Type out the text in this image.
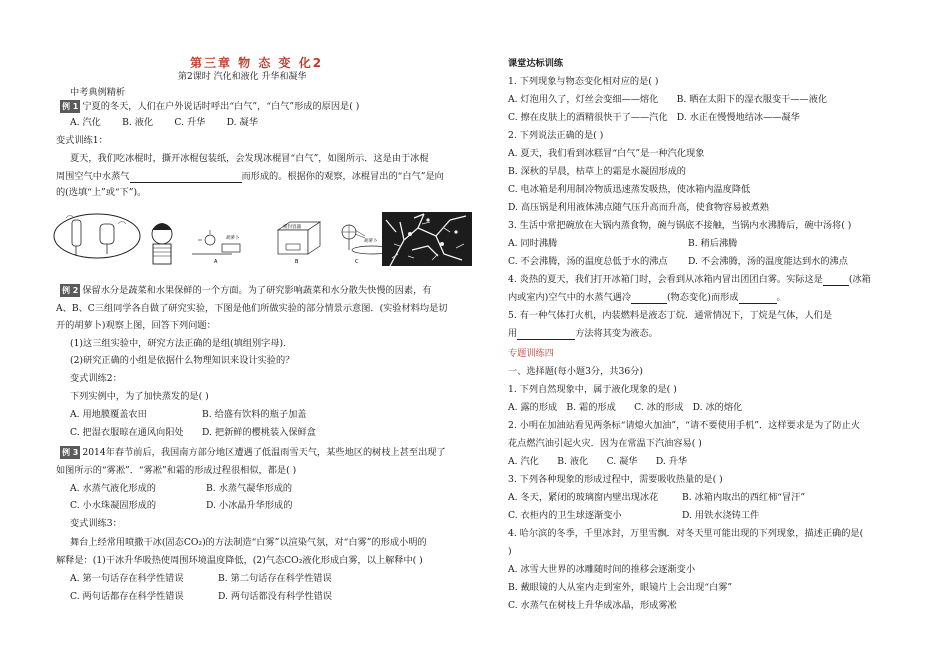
第三章 物 态 变 化2
第2课时 汽化和液化 升华和凝华
中考典例精析
例 1 宁夏的冬天，人们在户外说话时呼出“白气”，“白气”形成的原因是( )
A. 汽化　　 B. 液化　　 C. 升华　　 D. 凝华
变式训练1：
夏天，我们吃冰棍时，撕开冰棍包装纸，会发现冰棍冒“白气”，如图所示．这是由于冰棍
周围空气中水蒸气	而形成的。根据你的观察，冰棍冒出的“白气”是向
的(选填“上”或“下”)。
胡萝卜
A
密封容器
B
胡萝卜
C
例 2 保留水分是蔬菜和水果保鲜的一个方面。为了研究影响蔬菜和水分散失快慢的因素，有
A、B、C三组同学各自做了研究实验，下图是他们所做实验的部分情景示意图．(实验材料均是切
开的胡萝卜)观察上图，回答下列问题：
(1)这三组实验中，研究方法正确的是组(填组别字母).
(2)研究正确的小组是依据什么物理知识来设计实验的？
变式训练2：
下列实例中，为了加快蒸发的是( )
A. 用地膜覆盖农田	B. 给盛有饮料的瓶子加盖
C. 把湿衣服晾在通风向阳处 D. 把新鲜的樱桃装入保鲜盒
例 3 2014年春节前后，我国南方部分地区遭遇了低温雨雪天气，某些地区的树枝上甚至出现了
如图所示的“雾凇”．“雾凇”和霜的形成过程很相似，都是( )
A. 水蒸气液化形成的	B. 水蒸气凝华形成的
C. 小水珠凝固形成的	D. 小冰晶升华形成的
变式训练3：
舞台上经常用喷撒干冰(固态CO₂)的方法制造“白雾”以渲染气氛，对“白雾”的形成小明的
解释是：(1)干冰升华吸热使周围环境温度降低，(2)气态CO₂液化形成白雾，以上解释中( )
A. 第一句话存在科学性错误	B. 第二句话存在科学性错误
C. 两句话都存在科学性错误	D. 两句话都没有科学性错误
课堂达标训练
1. 下列现象与物态变化相对应的是( )
A. 灯泡用久了，灯丝会变细——熔化　　B. 晒在太阳下的湿衣服变干——液化
C. 擦在皮肤上的酒精很快干了——汽化　D. 水正在慢慢地结冰——凝华
2. 下列说法正确的是( )
A. 夏天，我们看到冰糕冒“白气”是一种汽化现象
B. 深秋的早晨，枯草上的霜是水凝固形成的
C. 电冰箱是利用制冷物质迅速蒸发吸热，使冰箱内温度降低
D. 高压锅是利用液体沸点随气压升高而升高，使食物容易被煮熟
3. 生活中常把碗放在大锅内蒸食物，碗与锅底不接触，当锅内水沸腾后，碗中汤将( )
A. 同时沸腾	B. 稍后沸腾
C. 不会沸腾，汤的温度总低于水的沸点 D. 不会沸腾，汤的温度能达到水的沸点
4. 炎热的夏天，我们打开冰箱门时，会看到从冰箱内冒出团团白雾。实际这是	(冰箱
内或室内)空气中的水蒸气遇冷	(物态变化)而形成	。
5. 有一种气体打火机，内装燃料是液态丁烷．通常情况下，丁烷是气体，人们是
用	方法将其变为液态。
专题训练四
一、选择题(每小题3分，共36分)
1. 下列自然现象中，属于液化现象的是( )
A. 露的形成　B. 霜的形成　　C. 冰的形成　D. 冰的熔化
2. 小明在加油站看见两条标“请熄火加油”，“请不要使用手机”．这样要求是为了防止火
花点燃汽油引起火灾．因为在常温下汽油容易( )
A. 汽化　　B. 液化　　C. 凝华　　D. 升华
3. 下列各种现象的形成过程中，需要吸收热量的是( )
A. 冬天，紧闭的玻璃窗内壁出现冰花	B. 冰箱内取出的西红柿“冒汗”
C. 衣柜内的卫生球逐渐变小	D. 用铁水浇铸工件
4. 哈尔滨的冬季，千里冰封，万里雪飘．对冬天里可能出现的下列现象，描述正确的是(
)
A. 冰雪大世界的冰雕随时间的推移会逐渐变小
B. 戴眼镜的人从室内走到室外，眼镜片上会出现“白雾”
C. 水蒸气在树枝上升华成冰晶，形成雾凇
